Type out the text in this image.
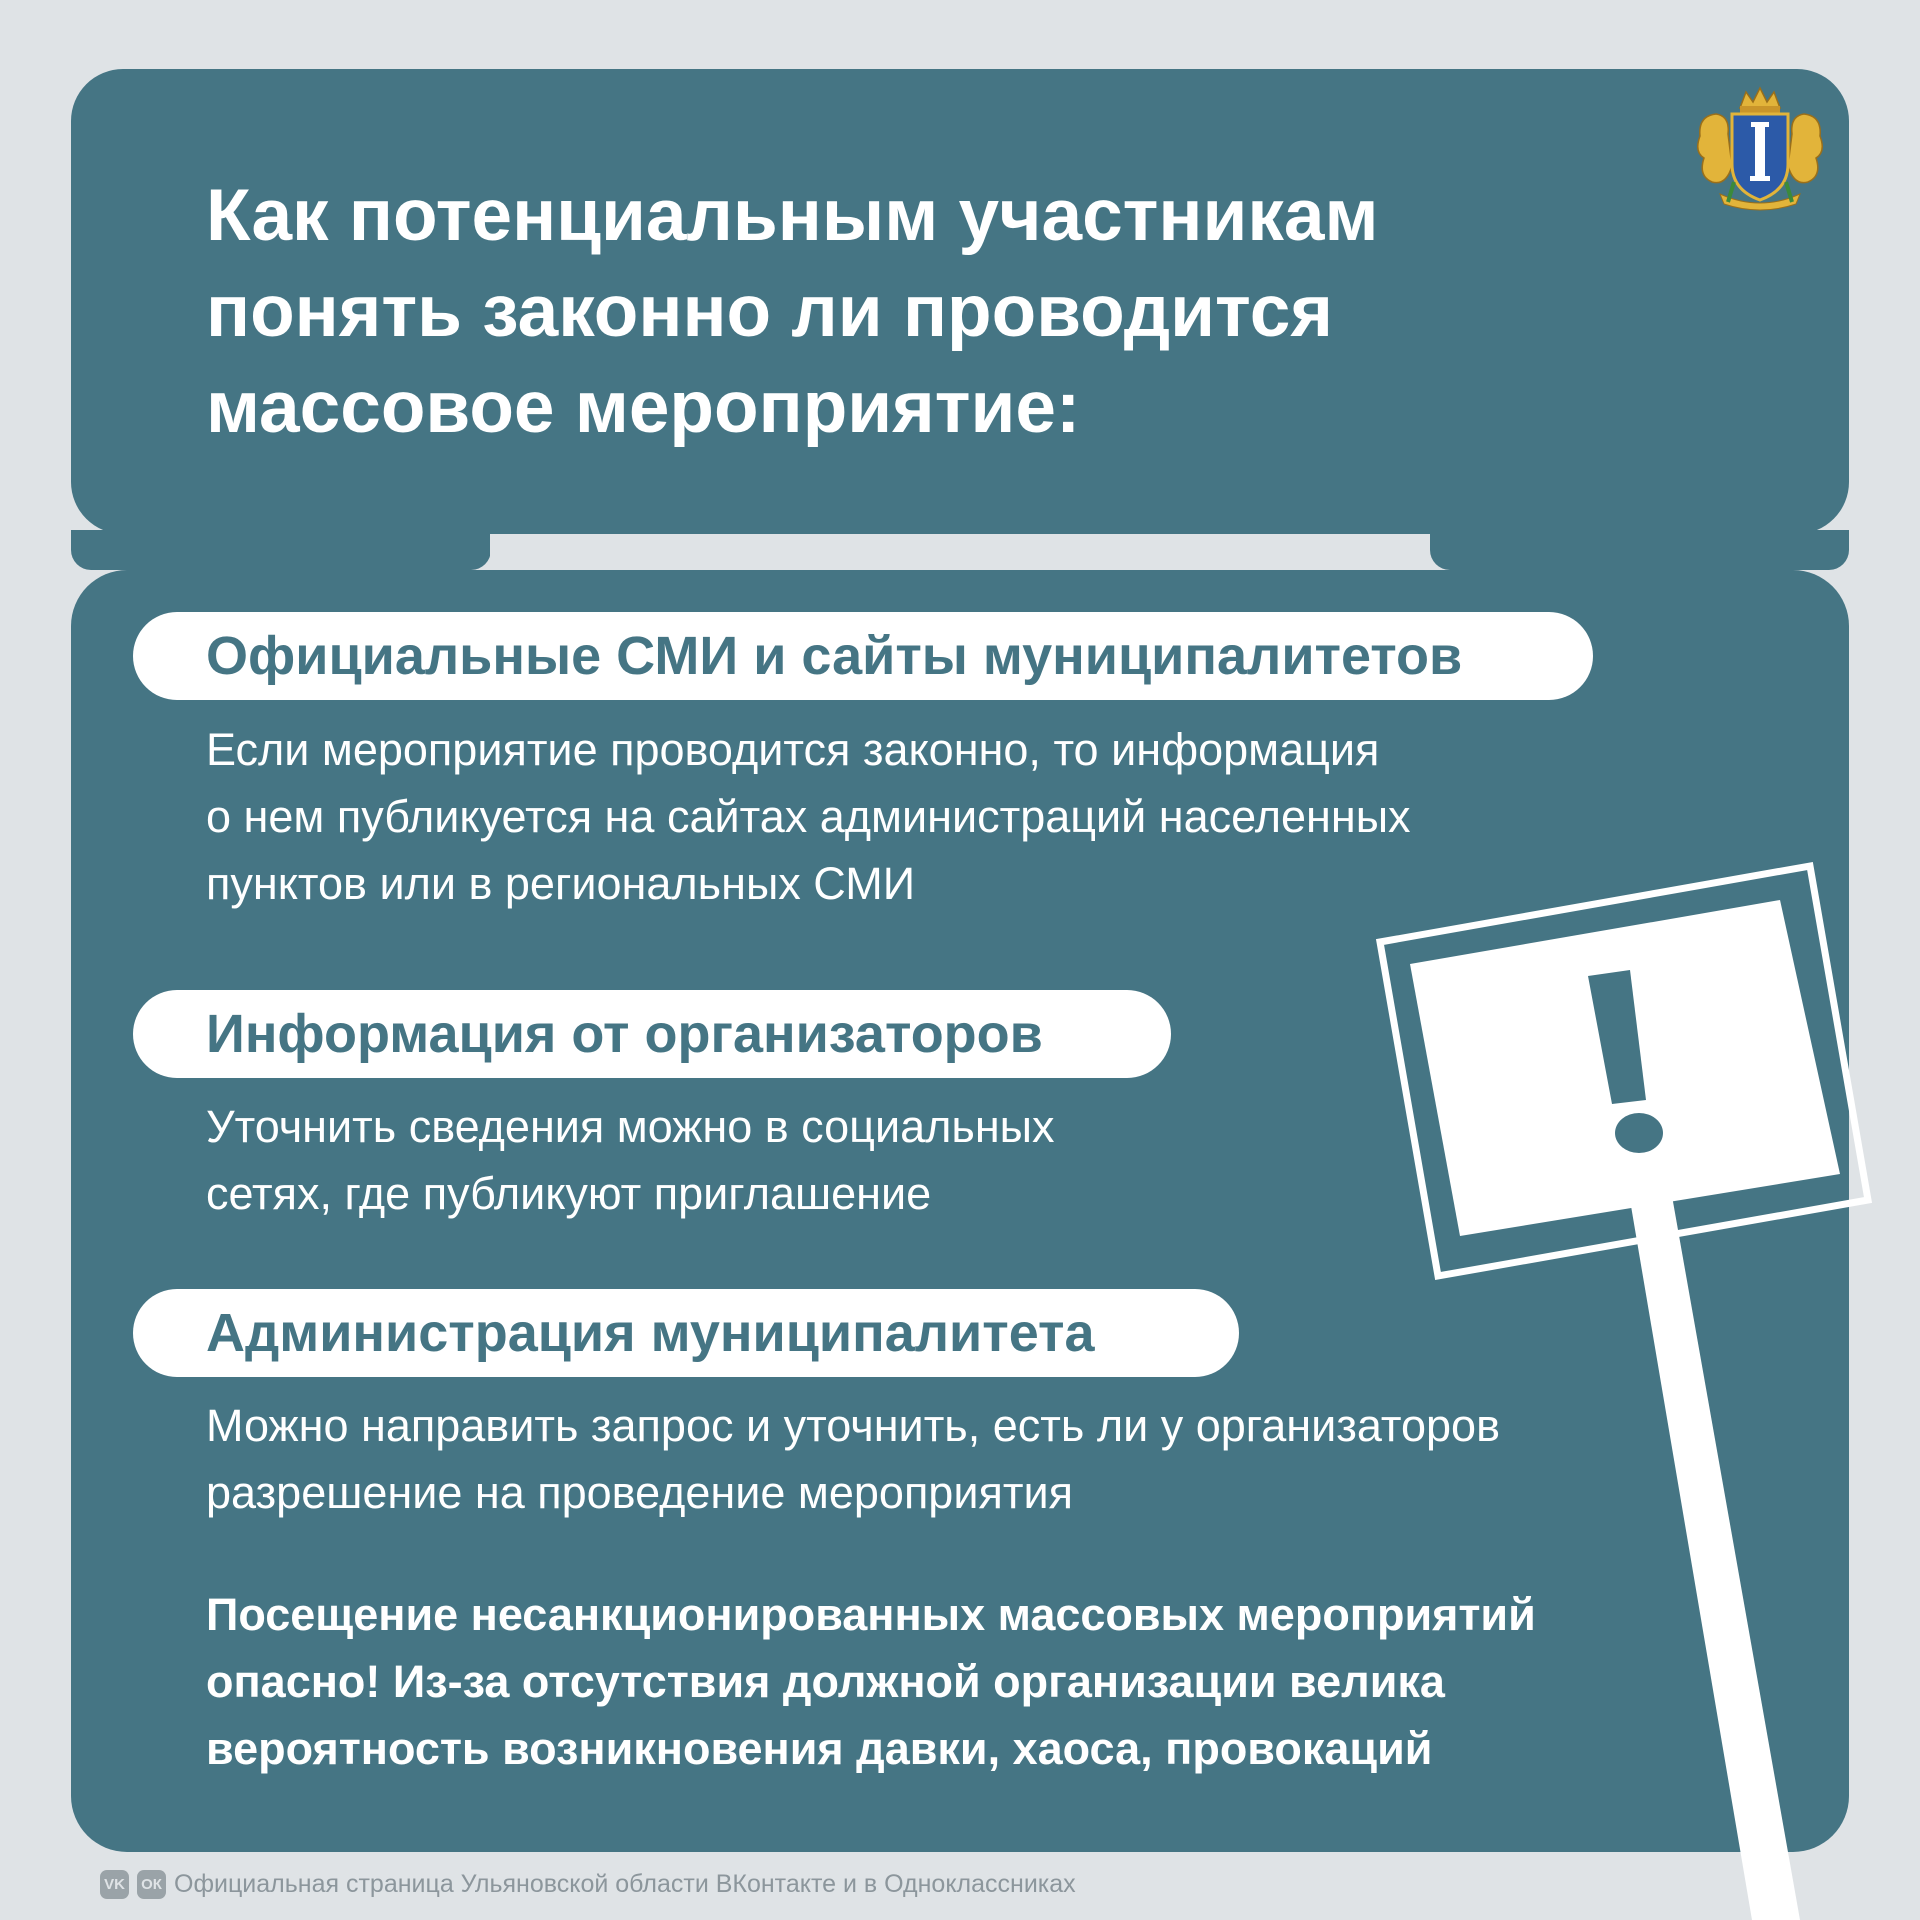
Как потенциальным участникам
понять законно ли проводится
массовое мероприятие:
Официальные СМИ и сайты муниципалитетов

Если мероприятие проводится законно, то информация
о нем публикуется на сайтах администраций населенных
пунктов или в региональных СМИ

Информация от организаторов

Уточнить сведения можно в социальных
сетях, где публикуют приглашение

Администрация муниципалитета

Можно направить запрос и уточнить, есть ли у организаторов
разрешение на проведение мероприятия

Посещение несанкционированных массовых мероприятий
опасно! Из-за отсутствия должной организации велика
вероятность возникновения давки, хаоса, провокаций

!
VK ОК Официальная страница Ульяновской области ВКонтакте и в Одноклассниках
